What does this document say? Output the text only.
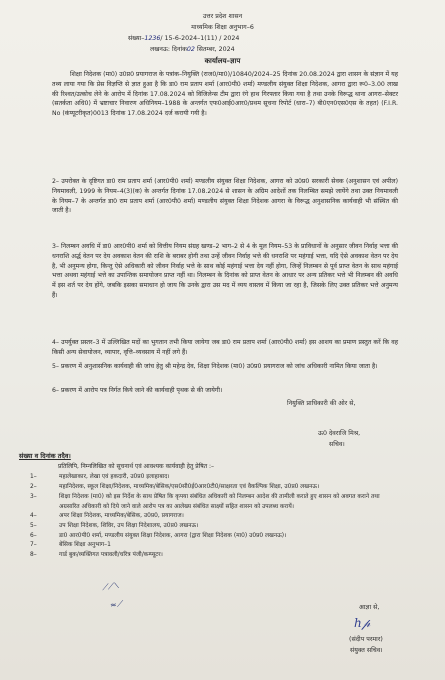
उत्तर प्रदेश शासन
माध्यमिक शिक्षा अनुभाग–6
संख्या–1236/ 15-6-2024–1(11) / 2024
लखनऊ: दिनांक02 सितम्बर, 2024
कार्यालय–ज्ञाप
शिक्षा निदेशक (मा0) उ0प्र0 प्रयागराज के पत्रांक–नियुक्ति (राज0/मा0)/10840/2024–25 दिनांक 20.08.2024 द्वारा शासन के संज्ञान में यह तथ्य लाया गया कि प्रेस विज्ञप्ति से ज्ञात हुआ है कि डा0 राम प्रताप शर्मा (आर0पी0 शर्मा) मण्डलीय संयुक्त शिक्षा निदेशक, आगरा द्वारा रू0–3.00 लाख की रिश्वत/उत्कोच लेने के आरोप में दिनांक 17.08.2024 को विजिलेन्स टीम द्वारा रंगे हाथ गिरफ्तार किया गया है तथा उनके विरूद्ध थाना आगरा–सेक्टर (सतर्कता अधि0) में भ्रष्टाचार निवारण अधिनियम–1988 के अन्तर्गत एफ0आई0आर0/प्रथम सूचना रिपोर्ट (धारा–7) बी0एन0एस0एस के तहत) (F.I.R. No (कंप्यूटरीकृत)0013 दिनांक 17.08.2024 दर्ज करायी गयी है।
2– उपरोक्त के दृष्टिगत डा0 राम प्रताप शर्मा (आर0पी0 शर्मा) मण्डलीय संयुक्त शिक्षा निदेशक, आगरा को उ0प्र0 सरकारी सेवक (अनुशासन एवं अपील) नियमावली, 1999 के नियम–4(3)(क) के अन्तर्गत दिनांक 17.08.2024 से शासन के अग्रिम आदेशों तक निलम्बित समझे जायेंगे तथा उक्त नियमावली के नियम–7 के अन्तर्गत डा0 राम प्रताप शर्मा (आर0पी0 शर्मा) मण्डलीय संयुक्त शिक्षा निदेशक आगरा के विरूद्ध अनुशासनिक कार्यवाही भी संस्थित की जाती है।
3– निलम्बन अवधि में डा0 आर0पी0 शर्मा को वित्तीय नियम संग्रह खण्ड–2 भाग–2 से 4 के मूल नियम–53 के प्राविधानों के अनुसार जीवन निर्वाह भत्ता की धनराशि अर्द्ध वेतन पर देय अवकाश वेतन की राशि के बराबर होगी तथा उन्हें जीवन निर्वाह भत्ते की धनराशि पर महंगाई भत्ता, यदि ऐसे अवकाश वेतन पर देय है, भी अनुमन्य होगा, किन्तु ऐसे अधिकारी को जीवन निर्वाह भत्ते के साथ कोई महंगाई भत्ता देय नहीं होगा, जिन्हें निलम्बन से पूर्व प्राप्त वेतन के साथ महंगाई भत्ता अथवा महंगाई भत्ते का उपान्तिक समायोजन प्राप्त नहीं था। निलम्बन के दिनांक को प्राप्त वेतन के आधार पर अन्य प्रतिकर भत्ते भी निलम्बन की अवधि में इस शर्त पर देय होंगे, जबकि इसका समाधान हो जाय कि उनके द्वारा उस मद में व्यय वास्तव में किया जा रहा है, जिसके लिए उक्त प्रतिकर भत्ते अनुमन्य हैं।
4– उपर्युक्त प्रस्तर–3 में उल्लिखित मदों का भुगतान तभी किया जायेगा जब डा0 राम प्रताप शर्मा (आर0पी0 शर्मा) इस आशय का प्रमाण प्रस्तुत करें कि वह किसी अन्य सेवायोजन, व्यापार, वृत्ति–व्यवसाय में नहीं लगे हैं।
5– प्रकरण में अनुशासनिक कार्यवाही की जांच हेतु श्री महेन्द्र देव, शिक्षा निदेशक (मा0) उ0प्र0 प्रयागराज को जांच अधिकारी नामित किया जाता है।
6– प्रकरण में आरोप पत्र निर्गत किये जाने की कार्यवाही पृथक से की जायेगी।
नियुक्ति प्राधिकारी की ओर से,
ऊ0 देवराजि मिश्र,
सचिव।
संख्या व दिनांक तदैव।
प्रतिलिपि, निम्नलिखित को सूचनार्थ एवं आवश्यक कार्यवाही हेतु प्रेषित :–
1–	महालेखाकार, लेखा एवं हकदारी, उ0प्र0 इलाहाबाद।
2–	महानिदेशक, स्कूल शिक्षा/निदेशक, माध्यमिक/बेसिक/एस0सी0ई0आर0टी0/साक्षरता एवं वैकल्पिक शिक्षा, उ0प्र0 लखनऊ।
3–	शिक्षा निदेशक (मा0) को इस निर्देश के साथ प्रेषित कि कृपया संबंधित अधिकारी को निलम्बन आदेश की तामीली कराते हुए शासन को अवगत कराने तथा अग्रसारित अधिकारी को दिये जाने वाले आरोप पत्र का आलेख्य संबंधित साक्ष्यों सहित शासन को उपलब्ध करायें।
4–	अपर शिक्षा निदेशक, माध्यमिक/बेसिक, उ0प्र0, प्रयागराज।
5–	उप शिक्षा निदेशक, शिविर, उप शिक्षा निदेशालय, उ0प्र0 लखनऊ।
6–	डा0 आर0पी0 शर्मा, मण्डलीय संयुक्त शिक्षा निदेशक, आगरा (द्वारा शिक्षा निदेशक (मा0) उ0प्र0 लखनऊ)।
7–	बेसिक शिक्षा अनुभाग–1
8–	गार्ड बुक/व्यक्तिगत पत्रावली/चरित्र पंजी/कम्प्यूटर।
⟋⟋⟍
≈⟋	आज्ञा से,
h𝓅
(संदीप परमार)
संयुक्त सचिव।
